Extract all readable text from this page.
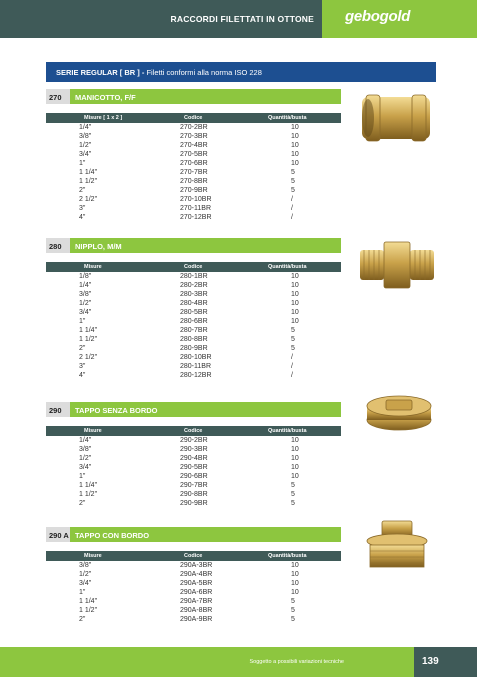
RACCORDI FILETTATI IN OTTONE gebogold
SERIE REGULAR [ BR ] - Filetti conformi alla norma ISO 228
270	MANICOTTO, F/F
Misure [ 1 x 2 ]	Codice	Quantità/busta
1/4"	270-2BR	10
3/8"	270-3BR	10
1/2"	270-4BR	10
3/4"	270-5BR	10
1"	270-6BR	10
1 1/4"	270-7BR	5
1 1/2"	270-8BR	5
2"	270-9BR	5
2 1/2"	270-10BR	/
3"	270-11BR	/
4"	270-12BR	/
280	NIPPLO, M/M
Misure	Codice	Quantità/busta
1/8"	280-1BR	10
1/4"	280-2BR	10
3/8"	280-3BR	10
1/2"	280-4BR	10
3/4"	280-5BR	10
1"	280-6BR	10
1 1/4"	280-7BR	5
1 1/2"	280-8BR	5
2"	280-9BR	5
2 1/2"	280-10BR	/
3"	280-11BR	/
4"	280-12BR	/
290	TAPPO SENZA BORDO
Misure	Codice	Quantità/busta
1/4"	290-2BR	10
3/8"	290-3BR	10
1/2"	290-4BR	10
3/4"	290-5BR	10
1"	290-6BR	10
1 1/4"	290-7BR	5
1 1/2"	290-8BR	5
2"	290-9BR	5
290 A TAPPO CON BORDO
Misure	Codice	Quantità/busta
3/8"	290A-3BR	10
1/2"	290A-4BR	10
3/4"	290A-5BR	10
1"	290A-6BR	10
1 1/4"	290A-7BR	5
1 1/2"	290A-8BR	5
2"	290A-9BR	5
Soggetto a possibili variazioni tecniche	139
